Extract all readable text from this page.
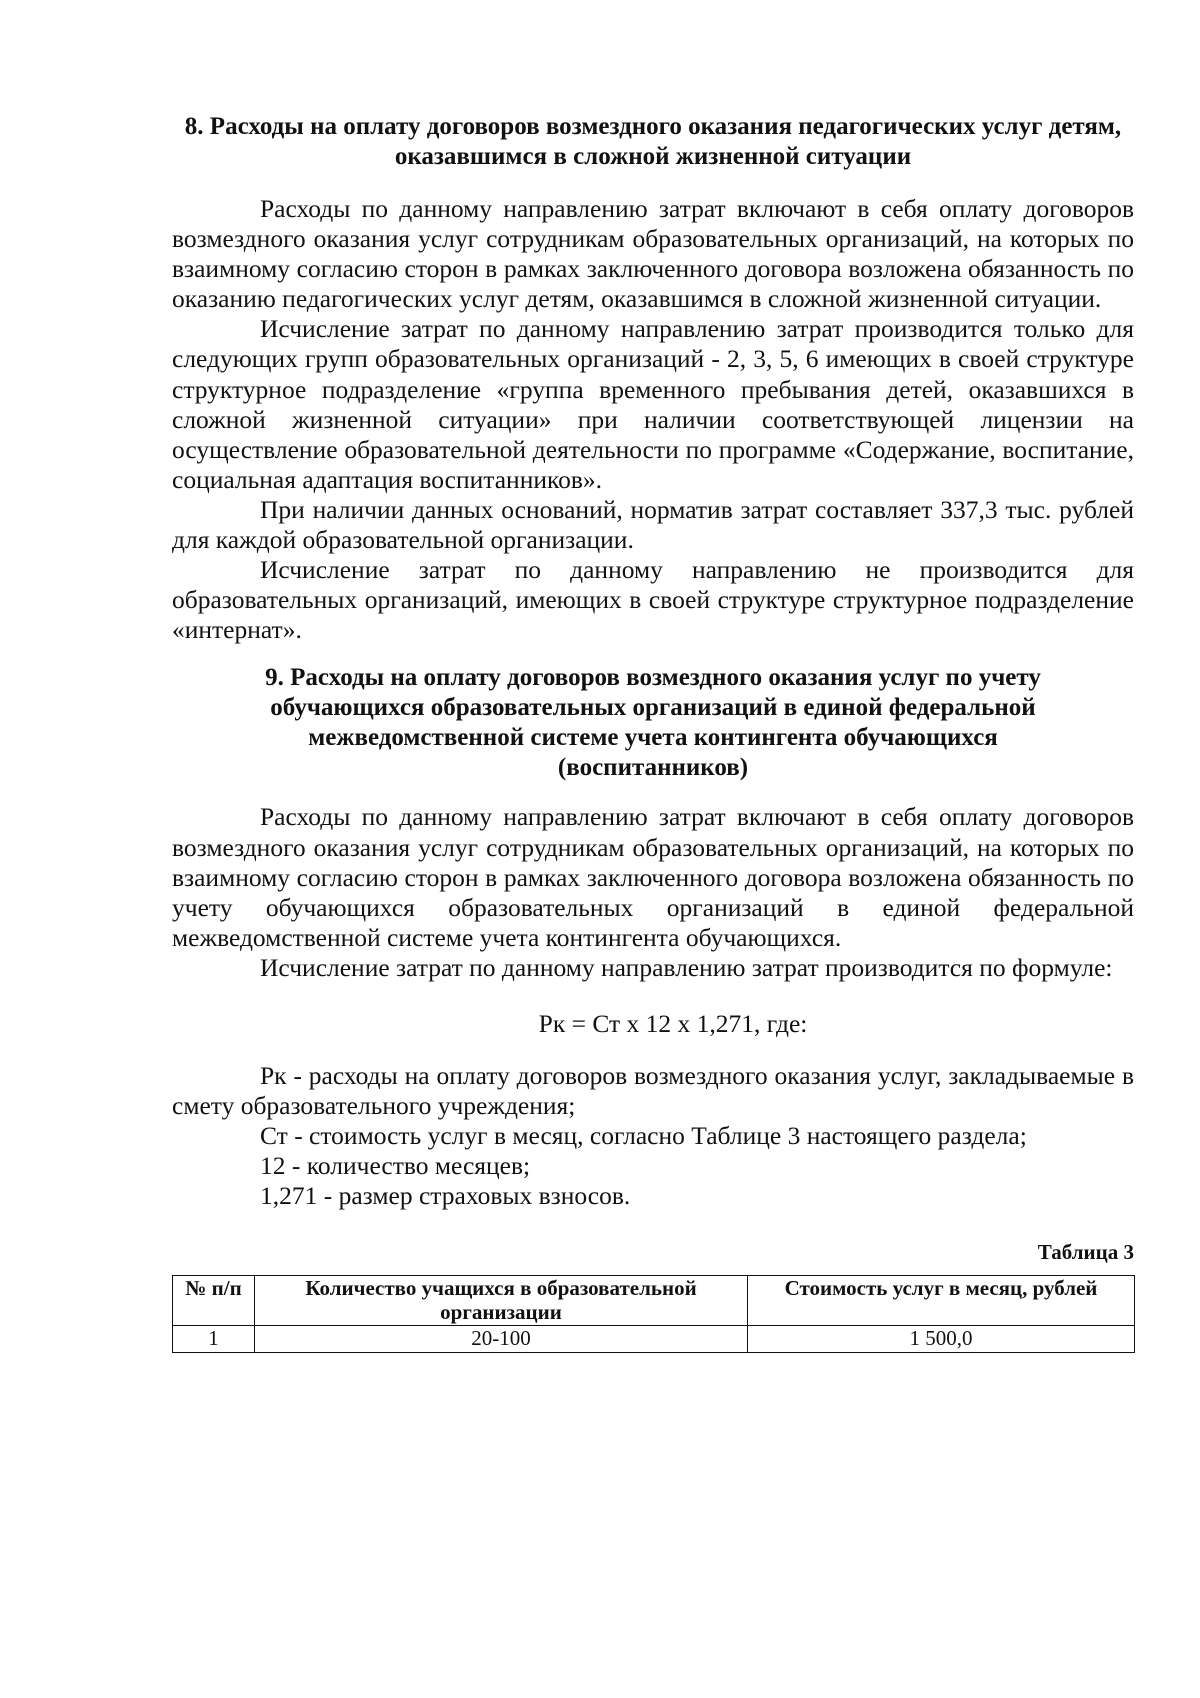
8. Расходы на оплату договоров возмездного оказания педагогических услуг детям, оказавшимся в сложной жизненной ситуации

Расходы по данному направлению затрат включают в себя оплату договоров возмездного оказания услуг сотрудникам образовательных организаций, на которых по взаимному согласию сторон в рамках заключенного договора возложена обязанность по оказанию педагогических услуг детям, оказавшимся в сложной жизненной ситуации.

Исчисление затрат по данному направлению затрат производится только для следующих групп образовательных организаций - 2, 3, 5, 6 имеющих в своей структуре структурное подразделение «группа временного пребывания детей, оказавшихся в сложной жизненной ситуации» при наличии соответствующей лицензии на осуществление образовательной деятельности по программе «Содержание, воспитание, социальная адаптация воспитанников».

При наличии данных оснований, норматив затрат составляет 337,3 тыс. рублей для каждой образовательной организации.

Исчисление затрат по данному направлению не производится для образовательных организаций, имеющих в своей структуре структурное подразделение «интернат».

9. Расходы на оплату договоров возмездного оказания услуг по учету
обучающихся образовательных организаций в единой федеральной
межведомственной системе учета контингента обучающихся
(воспитанников)

Расходы по данному направлению затрат включают в себя оплату договоров возмездного оказания услуг сотрудникам образовательных организаций, на которых по взаимному согласию сторон в рамках заключенного договора возложена обязанность по учету обучающихся образовательных организаций в единой федеральной межведомственной системе учета контингента обучающихся.

Исчисление затрат по данному направлению затрат производится по формуле:

Рк = Ст х 12 х 1,271, где:

Рк - расходы на оплату договоров возмездного оказания услуг, закладываемые в смету образовательного учреждения;

Ст - стоимость услуг в месяц, согласно Таблице 3 настоящего раздела;

12 - количество месяцев;

1,271 - размер страховых взносов.

Таблица 3
№ п/п	Количество учащихся в образовательной организации	Стоимость услуг в месяц, рублей
1	20-100	1 500,0
